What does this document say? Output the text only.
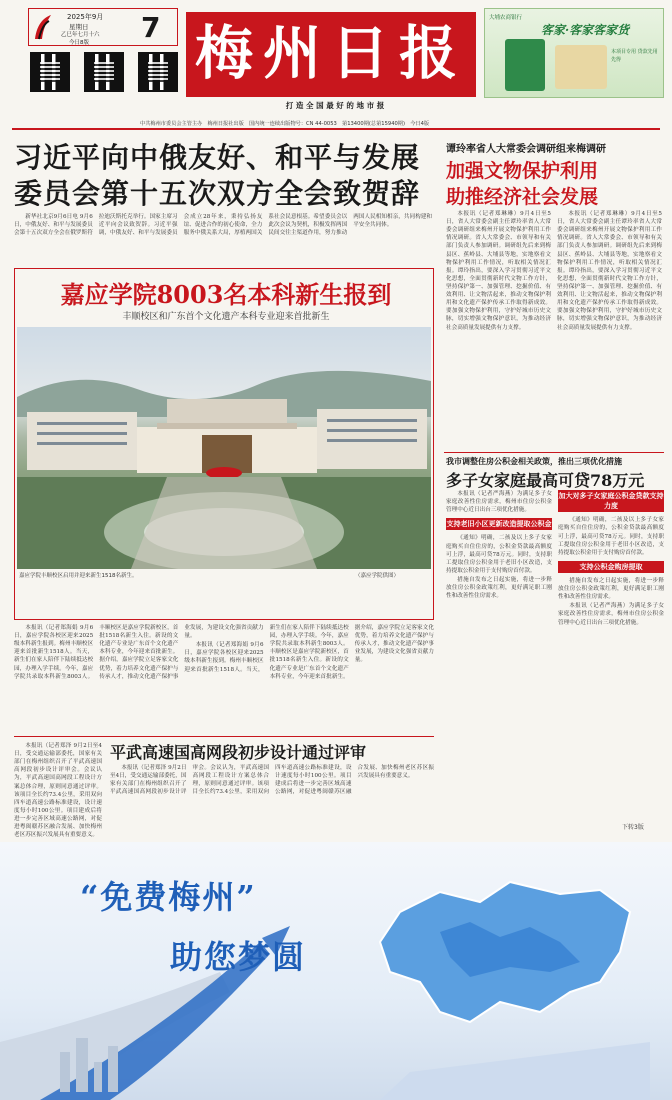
2025年9月
星期日
乙巳年七月十六
今日8版 7 梅州日报
打 造 全 国 最 好 的 地 市 报
大埔农商银行
客家·客家客家货
本项目专用 贷款先用先得
中共梅州市委员会主管主办　梅州日报社出版　国内统一连续出版物号：CN 44-0053　第13400期(总第15940期)　今日4版
习近平向中俄友好、和平与发展
委员会第十五次双方全会致贺辞

新华社北京9月6日电 9月6日，中俄友好、和平与发展委员会第十五次双方全会在俄罗斯符拉迪沃斯托克举行。国家主席习近平向会议致贺辞。习近平强调，中俄友好、和平与发展委员会成立28年来，秉持弘扬友谊、促进合作的初心使命，全力服务中俄关系大局，厚植两国关系社会民意根基。希望委员会以此次会议为契机，积极发挥两国民间交往主渠道作用，努力推动两国人民相知相亲，共同构建和平安全共同体。

谭玲率省人大常委会调研组来梅调研
加强文物保护利用
助推经济社会发展

本报讯（记者郑琳琳）9月4日至5日，省人大常委会副主任谭玲率省人大常委会调研组来梅州开展文物保护利用工作情况调研。省人大常委会、市领导和有关部门负责人参加调研。调研组先后来到梅县区、蕉岭县、大埔县等地，实地察看文物保护利用工作情况，听取相关情况汇报。谭玲指出，要深入学习贯彻习近平文化思想，全面贯彻新时代文物工作方针，坚持保护第一、加强管理、挖掘价值、有效利用、让文物活起来，推动文物保护利用和文化遗产保护传承工作取得新成效。要加强文物保护利用，守护好城市历史文脉，切实增强文物保护意识，为推动经济社会高质量发展提供有力支撑。

本报讯（记者郑琳琳）9月4日至5日，省人大常委会副主任谭玲率省人大常委会调研组来梅州开展文物保护利用工作情况调研。省人大常委会、市领导和有关部门负责人参加调研。调研组先后来到梅县区、蕉岭县、大埔县等地，实地察看文物保护利用工作情况，听取相关情况汇报。谭玲指出，要深入学习贯彻习近平文化思想，全面贯彻新时代文物工作方针，坚持保护第一、加强管理、挖掘价值、有效利用、让文物活起来，推动文物保护利用和文化遗产保护传承工作取得新成效。要加强文物保护利用，守护好城市历史文脉，切实增强文物保护意识，为推动经济社会高质量发展提供有力支撑。

嘉应学院8003名本科新生报到
丰顺校区和广东首个文化遗产本科专业迎来首批新生
嘉应学院丰顺校区启用并迎来新生1518名新生。	（嘉应学院供图）

本报讯（记者郑海娟 9月6日，嘉应学院各校区迎来2025级本科新生报到。梅州丰顺校区迎来首批新生1518人。当天，新生们在家人陪伴下陆续抵达校园，办理入学手续。今年，嘉应学院共录取本科新生8003人。丰顺校区是嘉应学院新校区，首批1518名新生入住。新设的文化遗产专业是广东首个文化遗产本科专业，今年迎来首批新生。据介绍，嘉应学院立足客家文化优势，着力培养文化遗产保护与传承人才，推动文化遗产保护事业发展，为建设文化强省贡献力量。

本报讯（记者郑海娟 9月6日，嘉应学院各校区迎来2025级本科新生报到。梅州丰顺校区迎来首批新生1518人。当天，新生们在家人陪伴下陆续抵达校园，办理入学手续。今年，嘉应学院共录取本科新生8003人。丰顺校区是嘉应学院新校区，首批1518名新生入住。新设的文化遗产专业是广东首个文化遗产本科专业，今年迎来首批新生。据介绍，嘉应学院立足客家文化优势，着力培养文化遗产保护与传承人才，推动文化遗产保护事业发展，为建设文化强省贡献力量。

我市调整住房公积金相关政策，推出三项优化措施
多子女家庭最高可贷78万元

本报讯（记者严海燕）为满足多子女家庭改善性住房需求，梅州市住房公积金管理中心近日出台三项优化措施。

支持老旧小区更新改造提取公积金

《通知》明确，二孩及以上多子女家庭购买自住住房的，公积金贷款最高额度可上浮，最高可贷78万元。同时，支持职工提取住房公积金用于老旧小区改造，支持提取公积金用于支付购房首付款。

措施自发布之日起实施，将进一步释放住房公积金政策红利，更好满足职工刚性和改善性住房需求。

加大对多子女家庭公积金贷款支持力度

《通知》明确，二孩及以上多子女家庭购买自住住房的，公积金贷款最高额度可上浮，最高可贷78万元。同时，支持职工提取住房公积金用于老旧小区改造，支持提取公积金用于支付购房首付款。

支持公积金购房提取

措施自发布之日起实施，将进一步释放住房公积金政策红利，更好满足职工刚性和改善性住房需求。

本报讯（记者严海燕）为满足多子女家庭改善性住房需求，梅州市住房公积金管理中心近日出台三项优化措施。

下转3版

本报讯（记者郑泽 9月2日至4日，受交通运输部委托，国家有关部门在梅州组织召开了平武高速国高网段初步设计评审会。会议认为，平武高速国高网段工程设计方案总体合理，原则同意通过评审。该项目全长约73.4公里，采用双向四车道高速公路标准建设，设计速度每小时100公里。项目建成后将进一步完善区域高速公路网，对促进粤闽赣苏区融合发展、加快梅州老区苏区振兴发展具有重要意义。

平武高速国高网段初步设计通过评审

本报讯（记者郑泽 9月2日至4日，受交通运输部委托，国家有关部门在梅州组织召开了平武高速国高网段初步设计评审会。会议认为，平武高速国高网段工程设计方案总体合理，原则同意通过评审。该项目全长约73.4公里，采用双向四车道高速公路标准建设，设计速度每小时100公里。项目建成后将进一步完善区域高速公路网，对促进粤闽赣苏区融合发展、加快梅州老区苏区振兴发展具有重要意义。

“免费梅州”
助您梦圆
